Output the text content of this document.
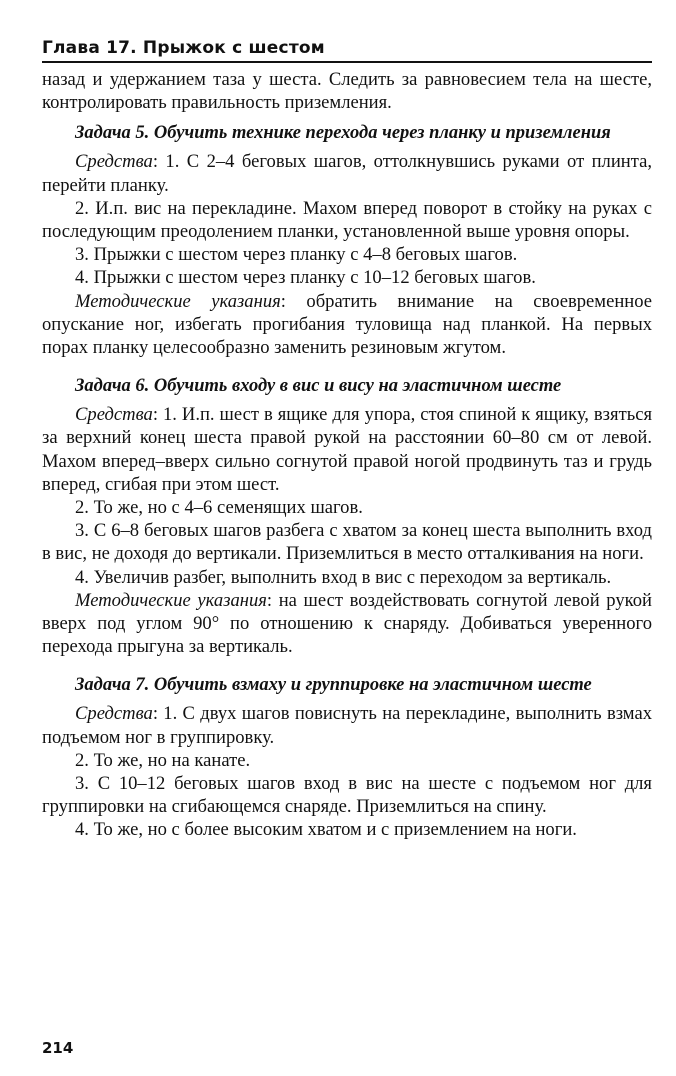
Глава 17. Прыжок с шестом

назад и удержанием таза у шеста. Следить за равновесием тела на шесте, контролировать правильность приземления.

Задача 5. Обучить технике перехода через планку и приземления

Средства: 1. С 2–4 беговых шагов, оттолкнувшись руками от плинта, перейти планку.

2. И.п. вис на перекладине. Махом вперед поворот в стойку на руках с последующим преодолением планки, установленной выше уровня опоры.

3. Прыжки с шестом через планку с 4–8 беговых шагов.

4. Прыжки с шестом через планку с 10–12 беговых шагов.

Методические указания: обратить внимание на своевременное опускание ног, избегать прогибания туловища над планкой. На первых порах планку целесообразно заменить резиновым жгутом.

Задача 6. Обучить входу в вис и вису на эластичном шесте

Средства: 1. И.п. шест в ящике для упора, стоя спиной к ящику, взяться за верхний конец шеста правой рукой на расстоянии 60–80 см от левой. Махом вперед–вверх сильно согнутой правой ногой продвинуть таз и грудь вперед, сгибая при этом шест.

2. То же, но с 4–6 семенящих шагов.

3. С 6–8 беговых шагов разбега с хватом за конец шеста выполнить вход в вис, не доходя до вертикали. Приземлиться в место отталкивания на ноги.

4. Увеличив разбег, выполнить вход в вис с переходом за вертикаль.

Методические указания: на шест воздействовать согнутой левой рукой вверх под углом 90° по отношению к снаряду. Добиваться уверенного перехода прыгуна за вертикаль.

Задача 7. Обучить взмаху и группировке на эластичном шесте

Средства: 1. С двух шагов повиснуть на перекладине, выполнить взмах подъемом ног в группировку.

2. То же, но на канате.

3. С 10–12 беговых шагов вход в вис на шесте с подъемом ног для группировки на сгибающемся снаряде. Приземлиться на спину.

4. То же, но с более высоким хватом и с приземлением на ноги.

214
